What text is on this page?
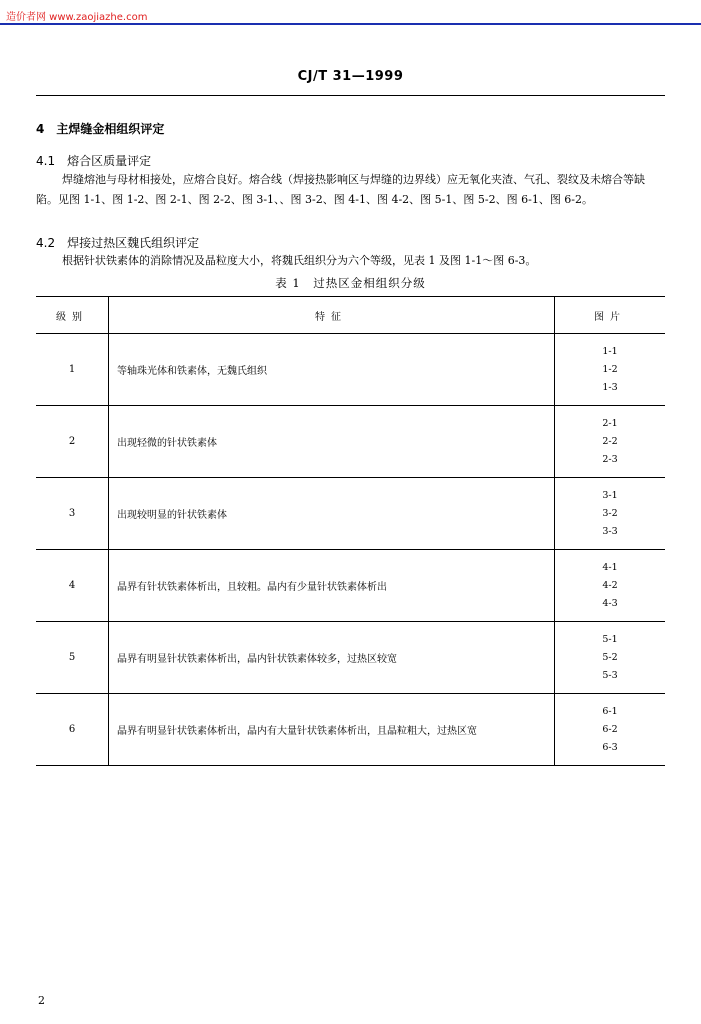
造价者网 www.zaojiazhe.com
CJ/T 31—1999
4　主焊缝金相组织评定
4.1　熔合区质量评定

焊缝熔池与母材相接处，应熔合良好。熔合线（焊接热影响区与焊缝的边界线）应无氧化夹渣、气孔、裂纹及未熔合等缺陷。见图 1-1、图 1-2、图 2-1、图 2-2、图 3-1、、图 3-2、图 4-1、图 4-2、图 5-1、图 5-2、图 6-1、图 6-2。

4.2　焊接过热区魏氏组织评定

根据针状铁素体的消除情况及晶粒度大小，将魏氏组织分为六个等级，见表 1 及图 1-1～图 6-3。

表 1　过热区金相组织分级
级别	特征	图片
1	等轴珠光体和铁素体，无魏氏组织	1-1
1-2
1-3

2	出现轻微的针状铁素体	2-1
2-2
2-3

3	出现较明显的针状铁素体	3-1
3-2
3-3

4	晶界有针状铁素体析出，且较粗。晶内有少量针状铁素体析出	4-1
4-2
4-3

5	晶界有明显针状铁素体析出，晶内针状铁素体较多，过热区较宽	5-1
5-2
5-3

6	晶界有明显针状铁素体析出，晶内有大量针状铁素体析出，且晶粒粗大，过热区宽	6-1
6-2
6-3
2
